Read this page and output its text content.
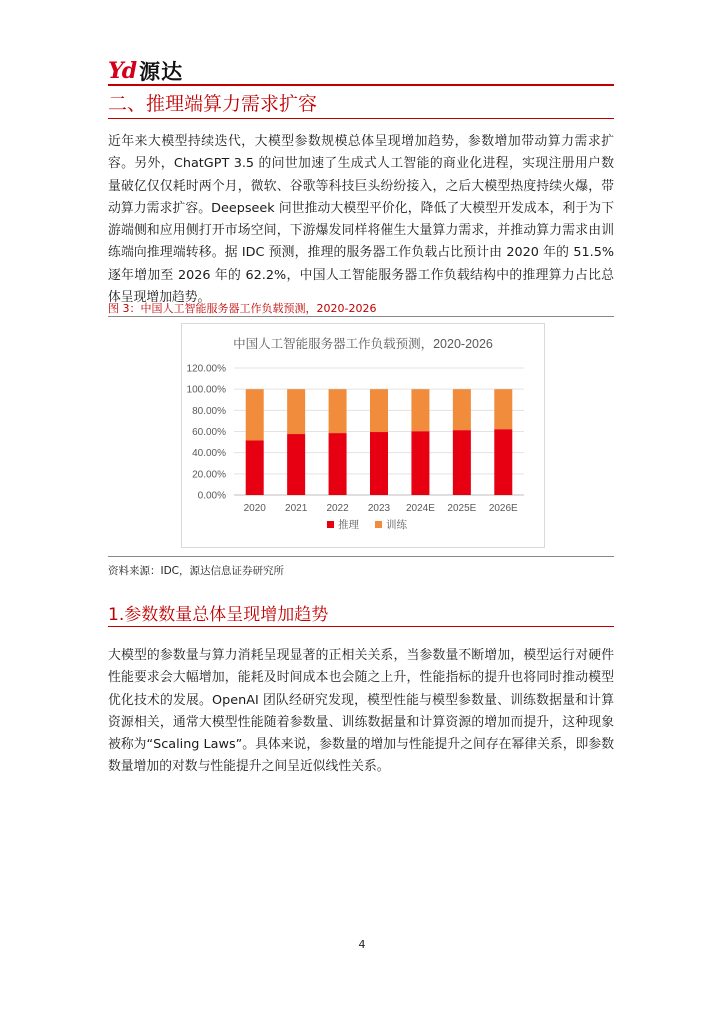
Yd 源达
二、推理端算力需求扩容

近年来大模型持续迭代，大模型参数规模总体呈现增加趋势，参数增加带动算力需求扩容。另外，ChatGPT 3.5 的问世加速了生成式人工智能的商业化进程，实现注册用户数量破亿仅仅耗时两个月，微软、谷歌等科技巨头纷纷接入，之后大模型热度持续火爆，带动算力需求扩容。Deepseek 问世推动大模型平价化，降低了大模型开发成本，利于为下游端侧和应用侧打开市场空间，下游爆发同样将催生大量算力需求，并推动算力需求由训练端向推理端转移。据 IDC 预测，推理的服务器工作负载占比预计由 2020 年的 51.5%逐年增加至 2026 年的 62.2%，中国人工智能服务器工作负载结构中的推理算力占比总体呈现增加趋势。

图 3：中国人工智能服务器工作负载预测，2020-2026

中国人工智能服务器工作负载预测，2020-2026
0.00%
20.00%
40.00%
60.00%
80.00%
100.00%
120.00%
2020 2021 2022 2023 2024E 2025E 2026E
推理	训练

资料来源：IDC，源达信息证券研究所

1.参数数量总体呈现增加趋势

大模型的参数量与算力消耗呈现显著的正相关关系，当参数量不断增加，模型运行对硬件性能要求会大幅增加，能耗及时间成本也会随之上升，性能指标的提升也将同时推动模型优化技术的发展。OpenAI 团队经研究发现，模型性能与模型参数量、训练数据量和计算资源相关，通常大模型性能随着参数量、训练数据量和计算资源的增加而提升，这种现象被称为“Scaling Laws”。具体来说，参数量的增加与性能提升之间存在幂律关系，即参数数量增加的对数与性能提升之间呈近似线性关系。

4
